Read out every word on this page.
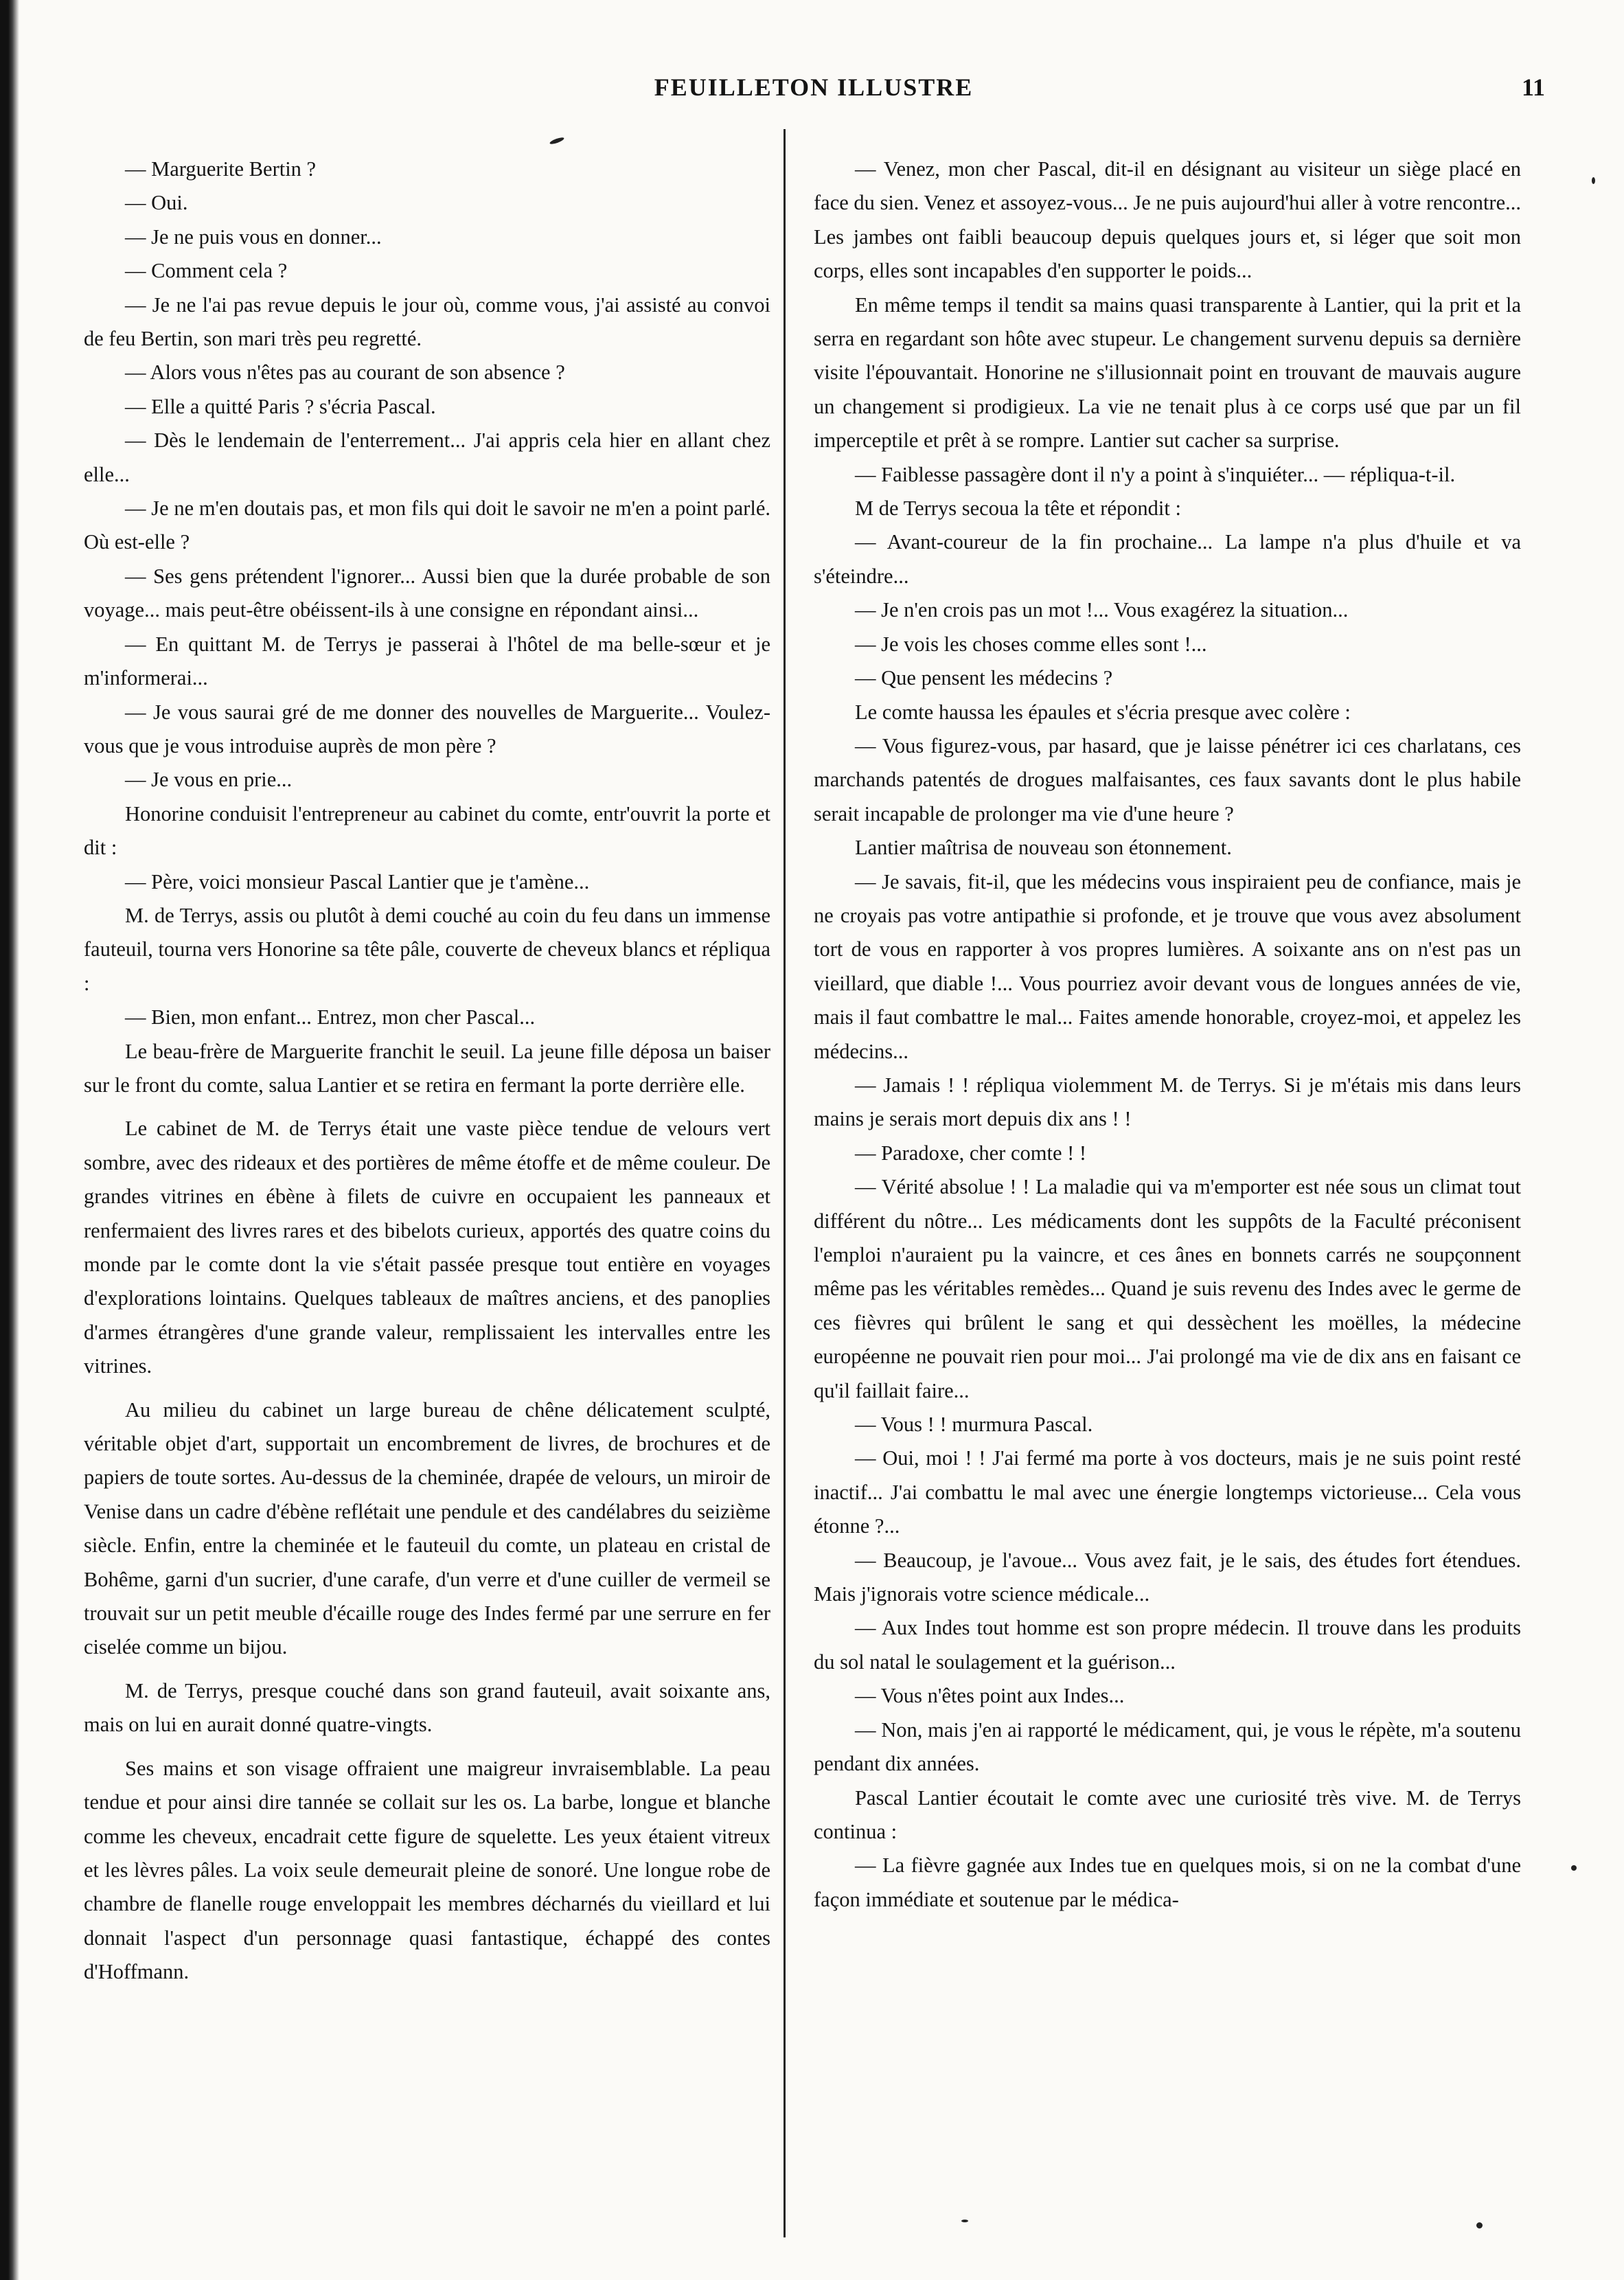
FEUILLETON ILLUSTRE	11

— Marguerite Bertin ?

— Oui.

— Je ne puis vous en donner...

— Comment cela ?

— Je ne l'ai pas revue depuis le jour où, comme vous, j'ai assisté au convoi de feu Bertin, son mari très peu regretté.

— Alors vous n'êtes pas au courant de son absence ?

— Elle a quitté Paris ? s'écria Pascal.

— Dès le lendemain de l'enterrement... J'ai appris cela hier en allant chez elle...

— Je ne m'en doutais pas, et mon fils qui doit le savoir ne m'en a point parlé. Où est-elle ?

— Ses gens prétendent l'ignorer... Aussi bien que la durée probable de son voyage... mais peut-être obéissent-ils à une consigne en répondant ainsi...

— En quittant M. de Terrys je passerai à l'hôtel de ma belle-sœur et je m'informerai...

— Je vous saurai gré de me donner des nouvelles de Marguerite... Voulez-vous que je vous introduise auprès de mon père ?

— Je vous en prie...

Honorine conduisit l'entrepreneur au cabinet du comte, entr'ouvrit la porte et dit :

— Père, voici monsieur Pascal Lantier que je t'amène...

M. de Terrys, assis ou plutôt à demi couché au coin du feu dans un immense fauteuil, tourna vers Honorine sa tête pâle, couverte de cheveux blancs et répliqua :

— Bien, mon enfant... Entrez, mon cher Pascal...

Le beau-frère de Marguerite franchit le seuil. La jeune fille déposa un baiser sur le front du comte, salua Lantier et se retira en fermant la porte derrière elle.

Le cabinet de M. de Terrys était une vaste pièce tendue de velours vert sombre, avec des rideaux et des portières de même étoffe et de même couleur. De grandes vitrines en ébène à filets de cuivre en occupaient les panneaux et renfermaient des livres rares et des bibelots curieux, apportés des quatre coins du monde par le comte dont la vie s'était passée presque tout entière en voyages d'explorations lointains. Quelques tableaux de maîtres anciens, et des panoplies d'armes étrangères d'une grande valeur, remplissaient les intervalles entre les vitrines.

Au milieu du cabinet un large bureau de chêne délicatement sculpté, véritable objet d'art, supportait un encombrement de livres, de brochures et de papiers de toute sortes. Au-dessus de la cheminée, drapée de velours, un miroir de Venise dans un cadre d'ébène reflétait une pendule et des candélabres du seizième siècle. Enfin, entre la cheminée et le fauteuil du comte, un plateau en cristal de Bohême, garni d'un sucrier, d'une carafe, d'un verre et d'une cuiller de vermeil se trouvait sur un petit meuble d'écaille rouge des Indes fermé par une serrure en fer ciselée comme un bijou.

M. de Terrys, presque couché dans son grand fauteuil, avait soixante ans, mais on lui en aurait donné quatre-vingts.

Ses mains et son visage offraient une maigreur invraisemblable. La peau tendue et pour ainsi dire tannée se collait sur les os. La barbe, longue et blanche comme les cheveux, encadrait cette figure de squelette. Les yeux étaient vitreux et les lèvres pâles. La voix seule demeurait pleine de sonoré. Une longue robe de chambre de flanelle rouge enveloppait les membres décharnés du vieillard et lui donnait l'aspect d'un personnage quasi fantastique, échappé des contes d'Hoffmann.

— Venez, mon cher Pascal, dit-il en désignant au visiteur un siège placé en face du sien. Venez et assoyez-vous... Je ne puis aujourd'hui aller à votre rencontre... Les jambes ont faibli beaucoup depuis quelques jours et, si léger que soit mon corps, elles sont incapables d'en supporter le poids...

En même temps il tendit sa mains quasi transparente à Lantier, qui la prit et la serra en regardant son hôte avec stupeur. Le changement survenu depuis sa dernière visite l'épouvantait. Honorine ne s'illusionnait point en trouvant de mauvais augure un changement si prodigieux. La vie ne tenait plus à ce corps usé que par un fil imperceptile et prêt à se rompre. Lantier sut cacher sa surprise.

— Faiblesse passagère dont il n'y a point à s'inquiéter... — répliqua-t-il.

M de Terrys secoua la tête et répondit :

— Avant-coureur de la fin prochaine... La lampe n'a plus d'huile et va s'éteindre...

— Je n'en crois pas un mot !... Vous exagérez la situation...

— Je vois les choses comme elles sont !...

— Que pensent les médecins ?

Le comte haussa les épaules et s'écria presque avec colère :

— Vous figurez-vous, par hasard, que je laisse pénétrer ici ces charlatans, ces marchands patentés de drogues malfaisantes, ces faux savants dont le plus habile serait incapable de prolonger ma vie d'une heure ?

Lantier maîtrisa de nouveau son étonnement.

— Je savais, fit-il, que les médecins vous inspiraient peu de confiance, mais je ne croyais pas votre antipathie si profonde, et je trouve que vous avez absolument tort de vous en rapporter à vos propres lumières. A soixante ans on n'est pas un vieillard, que diable !... Vous pourriez avoir devant vous de longues années de vie, mais il faut combattre le mal... Faites amende honorable, croyez-moi, et appelez les médecins...

— Jamais ! ! répliqua violemment M. de Terrys. Si je m'étais mis dans leurs mains je serais mort depuis dix ans ! !

— Paradoxe, cher comte ! !

— Vérité absolue ! ! La maladie qui va m'emporter est née sous un climat tout différent du nôtre... Les médicaments dont les suppôts de la Faculté préconisent l'emploi n'auraient pu la vaincre, et ces ânes en bonnets carrés ne soupçonnent même pas les véritables remèdes... Quand je suis revenu des Indes avec le germe de ces fièvres qui brûlent le sang et qui dessèchent les moëlles, la médecine européenne ne pouvait rien pour moi... J'ai prolongé ma vie de dix ans en faisant ce qu'il faillait faire...

— Vous ! ! murmura Pascal.

— Oui, moi ! ! J'ai fermé ma porte à vos docteurs, mais je ne suis point resté inactif... J'ai combattu le mal avec une énergie longtemps victorieuse... Cela vous étonne ?...

— Beaucoup, je l'avoue... Vous avez fait, je le sais, des études fort étendues. Mais j'ignorais votre science médicale...

— Aux Indes tout homme est son propre médecin. Il trouve dans les produits du sol natal le soulagement et la guérison...

— Vous n'êtes point aux Indes...

— Non, mais j'en ai rapporté le médicament, qui, je vous le répète, m'a soutenu pendant dix années.

Pascal Lantier écoutait le comte avec une curiosité très vive. M. de Terrys continua :

— La fièvre gagnée aux Indes tue en quelques mois, si on ne la combat d'une façon immédiate et soutenue par le médica-
